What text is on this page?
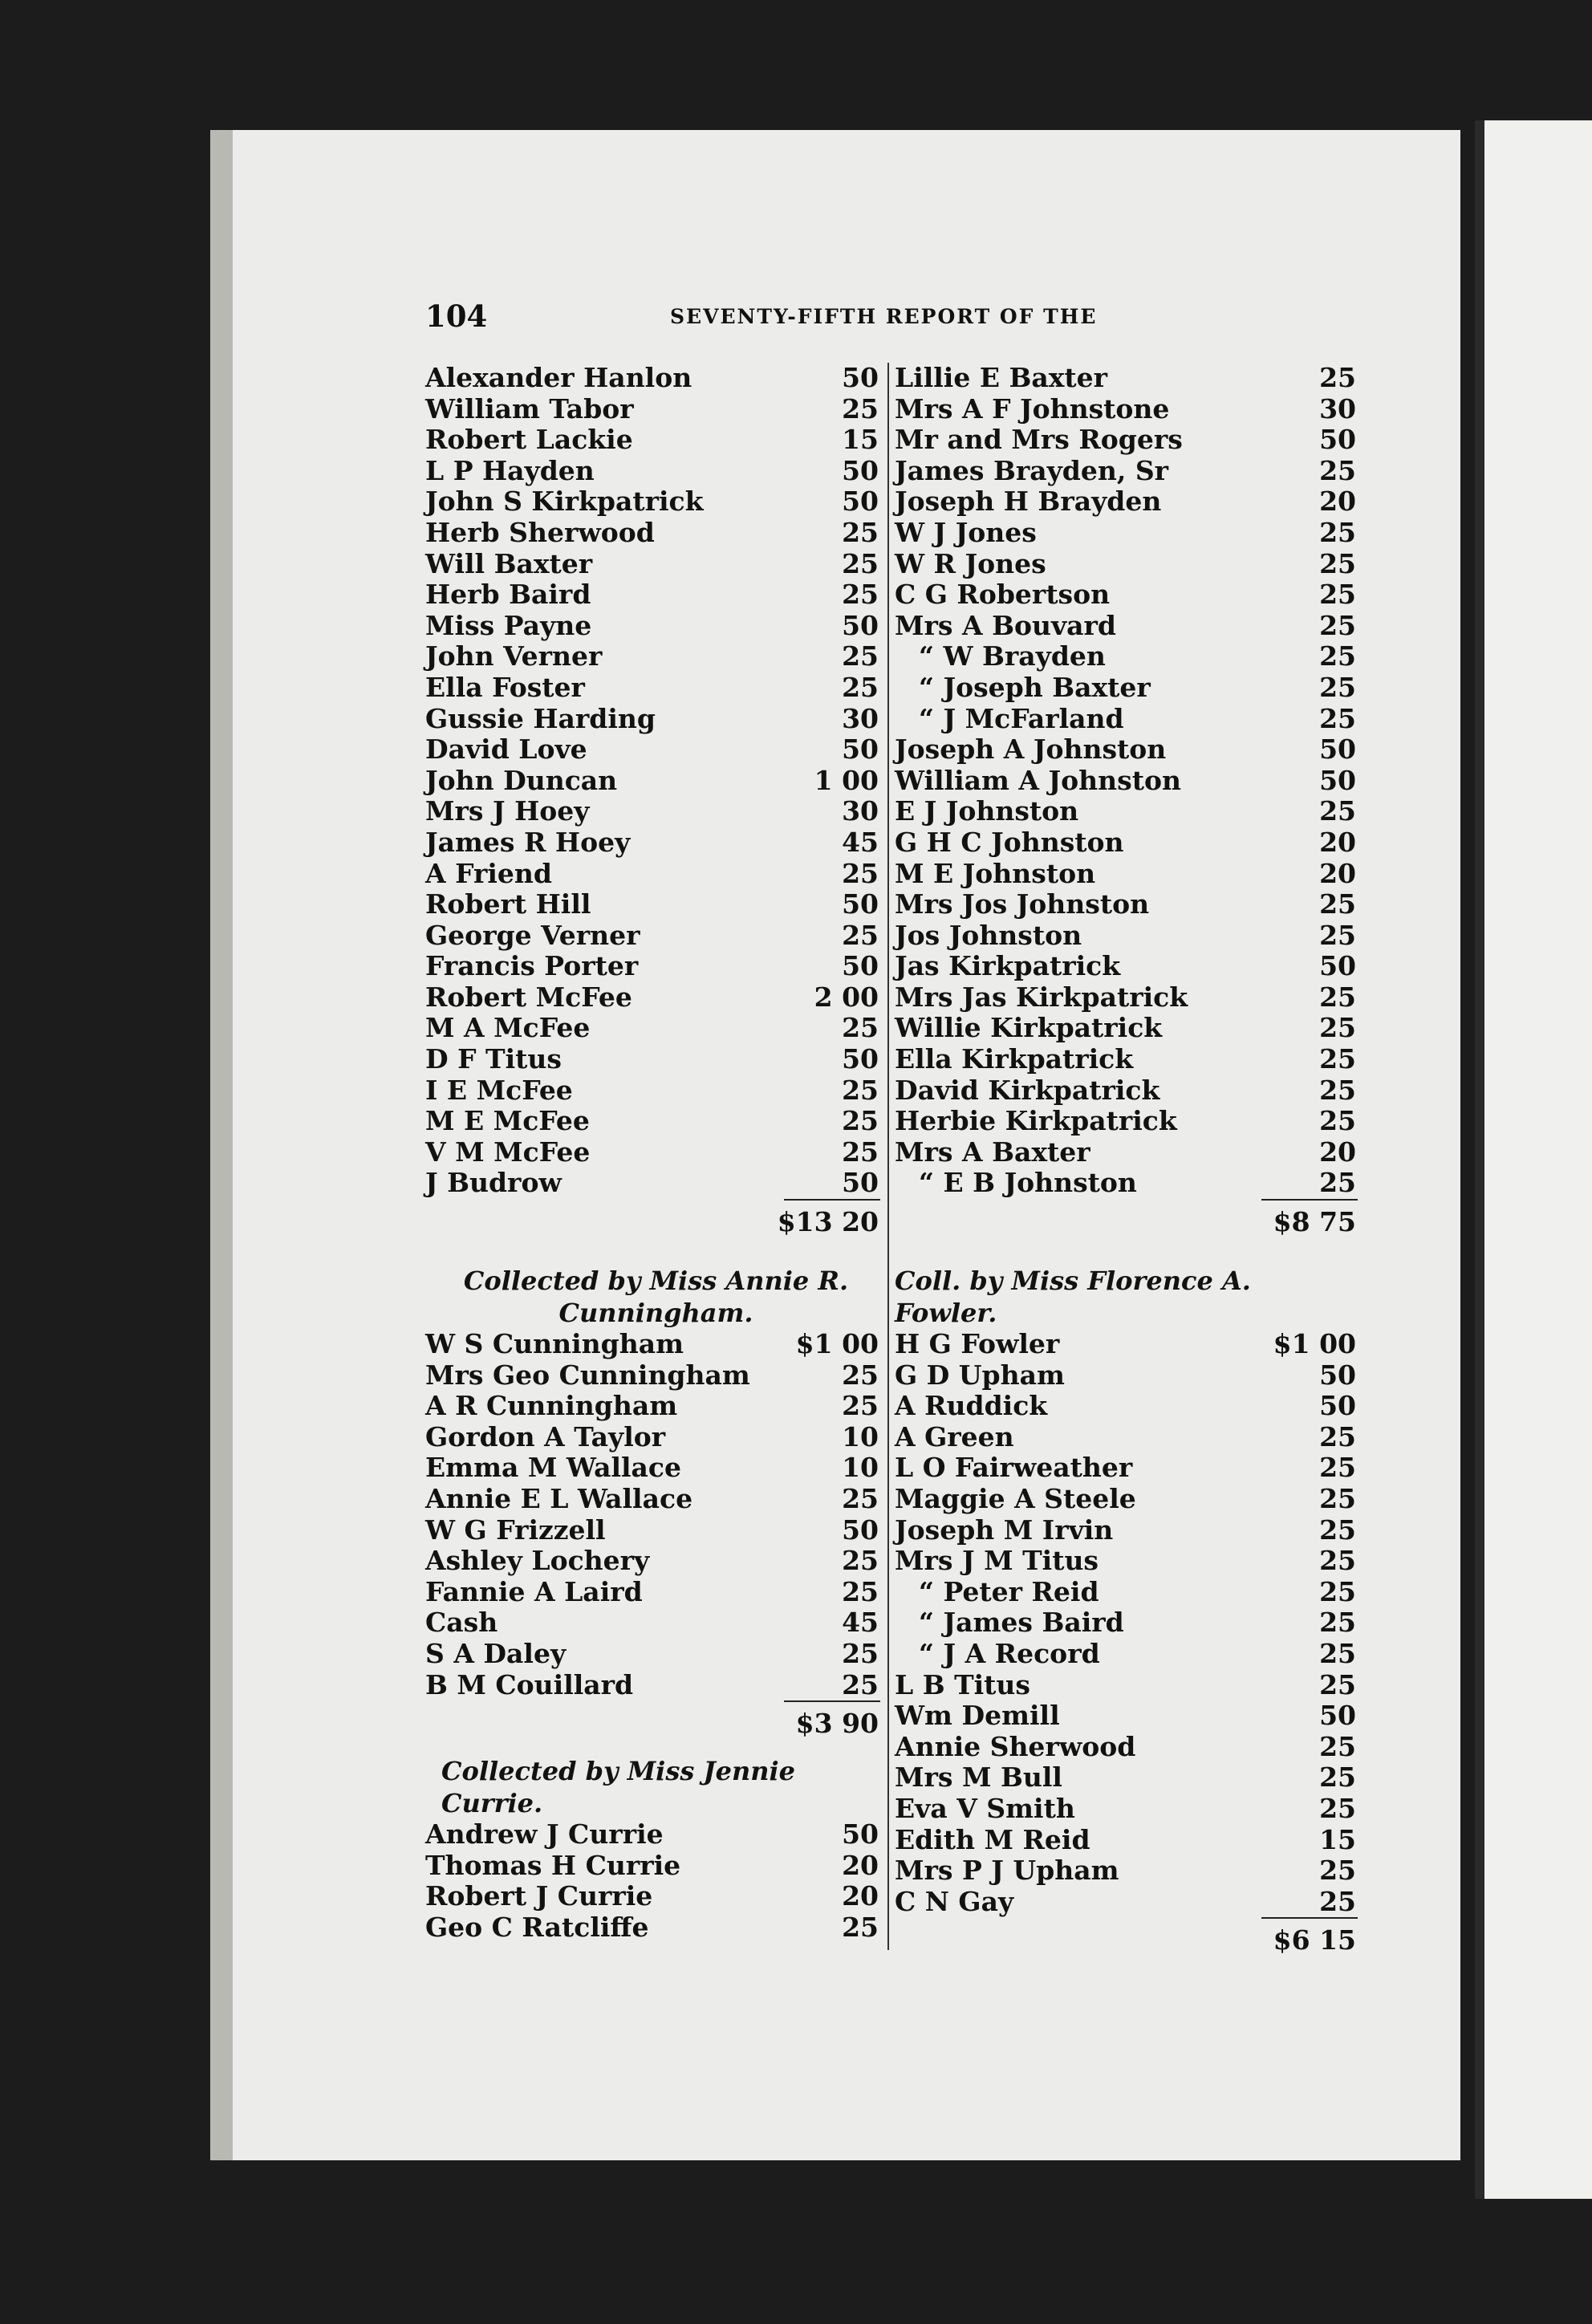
104	SEVENTY-FIFTH REPORT OF THE
Alexander Hanlon	50
William Tabor	25
Robert Lackie	15
L P Hayden	50
John S Kirkpatrick	50
Herb Sherwood	25
Will Baxter	25
Herb Baird	25
Miss Payne	50
John Verner	25
Ella Foster	25
Gussie Harding	30
David Love	50
John Duncan	1 00
Mrs J Hoey	30
James R Hoey	45
A Friend	25
Robert Hill	50
George Verner	25
Francis Porter	50
Robert McFee	2 00
M A McFee	25
D F Titus	50
I E McFee	25
M E McFee	25
V M McFee	25
J Budrow	50
$13 20
Collected by Miss Annie R. Cunningham.
W S Cunningham	$1 00
Mrs Geo Cunningham	25
A R Cunningham	25
Gordon A Taylor	10
Emma M Wallace	10
Annie E L Wallace	25
W G Frizzell	50
Ashley Lochery	25
Fannie A Laird	25
Cash	45
S A Daley	25
B M Couillard	25
$3 90
Collected by Miss Jennie Currie.
Andrew J Currie	50
Thomas H Currie	20
Robert J Currie	20
Geo C Ratcliffe	25
Lillie E Baxter	25
Mrs A F Johnstone	30
Mr and Mrs Rogers	50
James Brayden, Sr	25
Joseph H Brayden	20
W J Jones	25
W R Jones	25
C G Robertson	25
Mrs A Bouvard	25
“ W Brayden	25
“ Joseph Baxter	25
“ J McFarland	25
Joseph A Johnston	50
William A Johnston	50
E J Johnston	25
G H C Johnston	20
M E Johnston	20
Mrs Jos Johnston	25
Jos Johnston	25
Jas Kirkpatrick	50
Mrs Jas Kirkpatrick	25
Willie Kirkpatrick	25
Ella Kirkpatrick	25
David Kirkpatrick	25
Herbie Kirkpatrick	25
Mrs A Baxter	20
“ E B Johnston	25
$8 75
Coll. by Miss Florence A. Fowler.
H G Fowler	$1 00
G D Upham	50
A Ruddick	50
A Green	25
L O Fairweather	25
Maggie A Steele	25
Joseph M Irvin	25
Mrs J M Titus	25
“ Peter Reid	25
“ James Baird	25
“ J A Record	25
L B Titus	25
Wm Demill	50
Annie Sherwood	25
Mrs M Bull	25
Eva V Smith	25
Edith M Reid	15
Mrs P J Upham	25
C N Gay	25
$6 15
